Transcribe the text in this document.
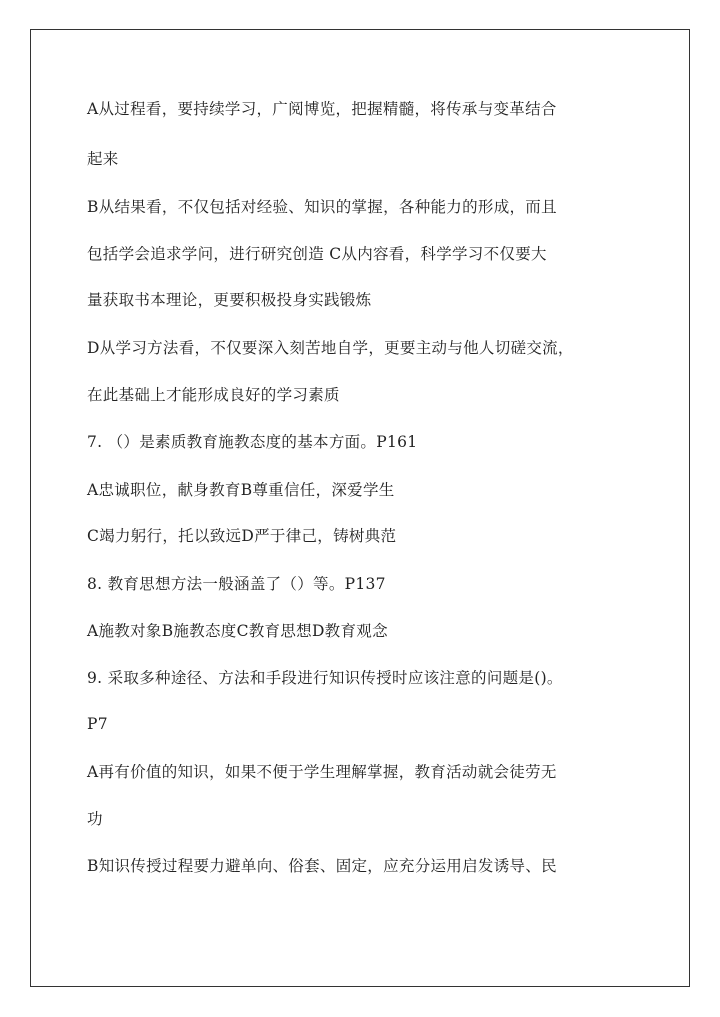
A从过程看，要持续学习，广阅博览，把握精髓，将传承与变革结合
起来
B从结果看，不仅包括对经验、知识的掌握，各种能力的形成，而且
包括学会追求学问，进行研究创造 C从内容看，科学学习不仅要大
量获取书本理论，更要积极投身实践锻炼
D从学习方法看，不仅要深入刻苦地自学，更要主动与他人切磋交流，
在此基础上才能形成良好的学习素质
7. （）是素质教育施教态度的基本方面。P161
A忠诚职位，献身教育B尊重信任，深爱学生
C竭力躬行，托以致远D严于律己，铸树典范
8. 教育思想方法一般涵盖了（）等。P137
A施教对象B施教态度C教育思想D教育观念
9. 采取多种途径、方法和手段进行知识传授时应该注意的问题是()。
P7
A再有价值的知识，如果不便于学生理解掌握，教育活动就会徒劳无
功
B知识传授过程要力避单向、俗套、固定，应充分运用启发诱导、民
